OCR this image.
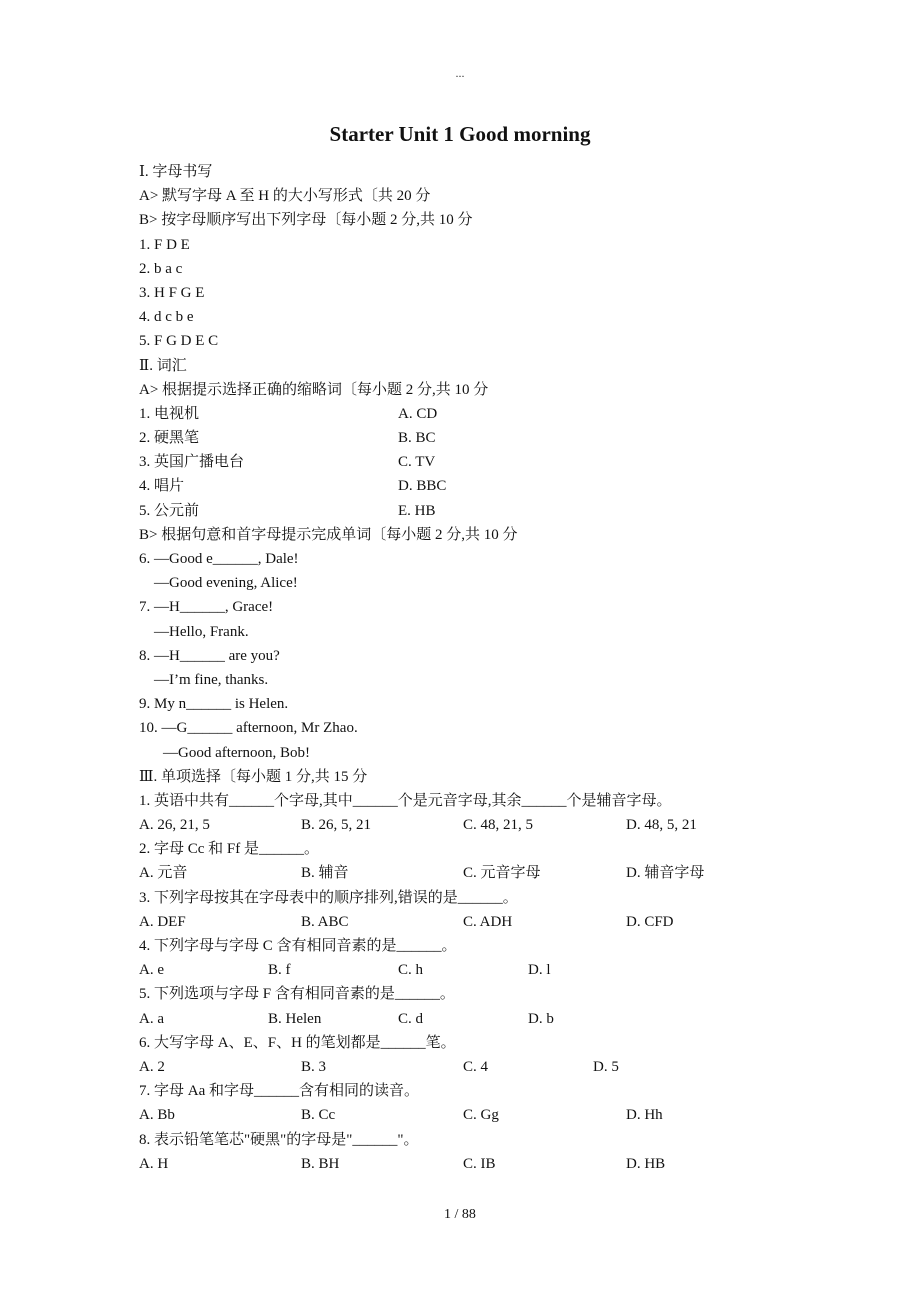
...
Starter Unit 1 Good morning
Ⅰ. 字母书写
A> 默写字母 A 至 H 的大小写形式〔共 20 分
B> 按字母顺序写出下列字母〔每小题 2 分,共 10 分
1. F D E
2. b a c
3. H F G E
4. d c b e
5. F G D E C
Ⅱ. 词汇
A> 根据提示选择正确的缩略词〔每小题 2 分,共 10 分
1. 电视机	A. CD
2. 硬黑笔	B. BC
3. 英国广播电台	C. TV
4. 唱片	D. BBC
5. 公元前	E. HB
B> 根据句意和首字母提示完成单词〔每小题 2 分,共 10 分
6. —Good e______, Dale!
—Good evening, Alice!
7. —H______, Grace!
—Hello, Frank.
8. —H______ are you?
—I’m fine, thanks.
9. My n______ is Helen.
10. —G______ afternoon, Mr Zhao.
—Good afternoon, Bob!
Ⅲ. 单项选择〔每小题 1 分,共 15 分
1. 英语中共有______个字母,其中______个是元音字母,其余______个是辅音字母。
A. 26, 21, 5	B. 26, 5, 21	C. 48, 21, 5	D. 48, 5, 21
2. 字母 Cc 和 Ff 是______。
A. 元音	B. 辅音	C. 元音字母	D. 辅音字母
3. 下列字母按其在字母表中的顺序排列,错误的是______。
A. DEF	B. ABC	C. ADH	D. CFD
4. 下列字母与字母 C 含有相同音素的是______。
A. e	B. f	C. h	D. l
5. 下列选项与字母 F 含有相同音素的是______。
A. a	B. Helen	C. d	D. b
6. 大写字母 A、E、F、H 的笔划都是______笔。
A. 2	B. 3	C. 4	D. 5
7. 字母 Aa 和字母______含有相同的读音。
A. Bb	B. Cc	C. Gg	D. Hh
8. 表示铅笔笔芯"硬黑"的字母是"______"。
A. H	B. BH	C. IB	D. HB
1 / 88
